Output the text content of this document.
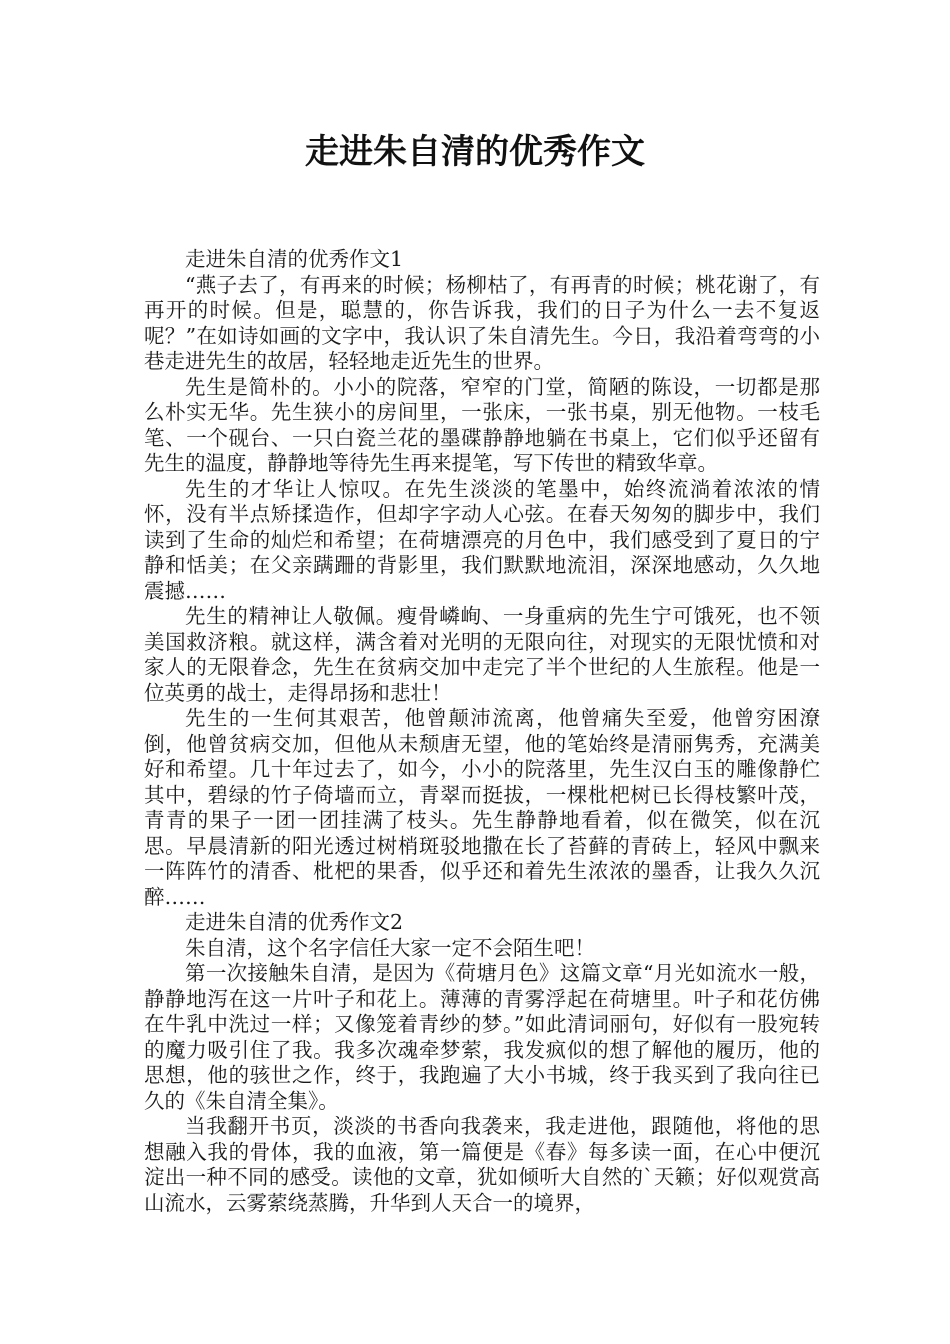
走进朱自清的优秀作文

走进朱自清的优秀作文1

“燕子去了，有再来的时候；杨柳枯了，有再青的时候；桃花谢了，有再开的时候。但是，聪慧的，你告诉我，我们的日子为什么一去不复返呢？”在如诗如画的文字中，我认识了朱自清先生。今日，我沿着弯弯的小巷走进先生的故居，轻轻地走近先生的世界。

先生是简朴的。小小的院落，窄窄的门堂，简陋的陈设，一切都是那么朴实无华。先生狭小的房间里，一张床，一张书桌，别无他物。一枝毛笔、一个砚台、一只白瓷兰花的墨碟静静地躺在书桌上，它们似乎还留有先生的温度，静静地等待先生再来提笔，写下传世的精致华章。

先生的才华让人惊叹。在先生淡淡的笔墨中，始终流淌着浓浓的情怀，没有半点矫揉造作，但却字字动人心弦。在春天匆匆的脚步中，我们读到了生命的灿烂和希望；在荷塘漂亮的月色中，我们感受到了夏日的宁静和恬美；在父亲蹒跚的背影里，我们默默地流泪，深深地感动，久久地震撼……

先生的精神让人敬佩。瘦骨嶙峋、一身重病的先生宁可饿死，也不领美国救济粮。就这样，满含着对光明的无限向往，对现实的无限忧愤和对家人的无限眷念，先生在贫病交加中走完了半个世纪的人生旅程。他是一位英勇的战士，走得昂扬和悲壮！

先生的一生何其艰苦，他曾颠沛流离，他曾痛失至爱，他曾穷困潦倒，他曾贫病交加，但他从未颓唐无望，他的笔始终是清丽隽秀，充满美好和希望。几十年过去了，如今，小小的院落里，先生汉白玉的雕像静伫其中，碧绿的竹子倚墙而立，青翠而挺拔，一棵枇杷树已长得枝繁叶茂，青青的果子一团一团挂满了枝头。先生静静地看着，似在微笑，似在沉思。早晨清新的阳光透过树梢斑驳地撒在长了苔藓的青砖上，轻风中飘来一阵阵竹的清香、枇杷的果香，似乎还和着先生浓浓的墨香，让我久久沉醉……

走进朱自清的优秀作文2

朱自清，这个名字信任大家一定不会陌生吧！

第一次接触朱自清，是因为《荷塘月色》这篇文章“月光如流水一般，静静地泻在这一片叶子和花上。薄薄的青雾浮起在荷塘里。叶子和花仿佛在牛乳中洗过一样；又像笼着青纱的梦。”如此清词丽句，好似有一股宛转的魔力吸引住了我。我多次魂牵梦萦，我发疯似的想了解他的履历，他的思想，他的骇世之作，终于，我跑遍了大小书城，终于我买到了我向往已久的《朱自清全集》。

当我翻开书页，淡淡的书香向我袭来，我走进他，跟随他，将他的思想融入我的骨体，我的血液，第一篇便是《春》每多读一面，在心中便沉淀出一种不同的感受。读他的文章，犹如倾听大自然的`天籁；好似观赏高山流水，云雾萦绕蒸腾，升华到人天合一的境界，
